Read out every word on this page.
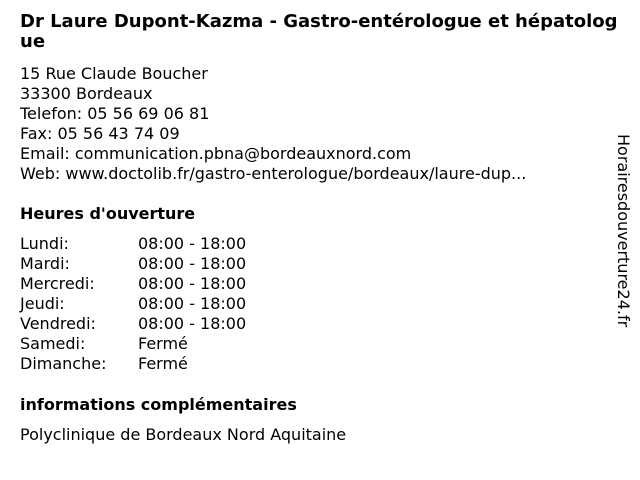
Dr Laure Dupont-Kazma - Gastro-entérologue et hépatologue
15 Rue Claude Boucher
33300 Bordeaux
Telefon: 05 56 69 06 81
Fax: 05 56 43 74 09
Email: communication.pbna@bordeauxnord.com
Web: www.doctolib.fr/gastro-enterologue/bordeaux/laure-dup...
Heures d'ouverture
Lundi:	08:00 - 18:00
Mardi:	08:00 - 18:00
Mercredi:	08:00 - 18:00
Jeudi:	08:00 - 18:00
Vendredi:	08:00 - 18:00
Samedi:	Fermé
Dimanche: Fermé
informations complémentaires
Polyclinique de Bordeaux Nord Aquitaine
Horairesdouverture24.fr
